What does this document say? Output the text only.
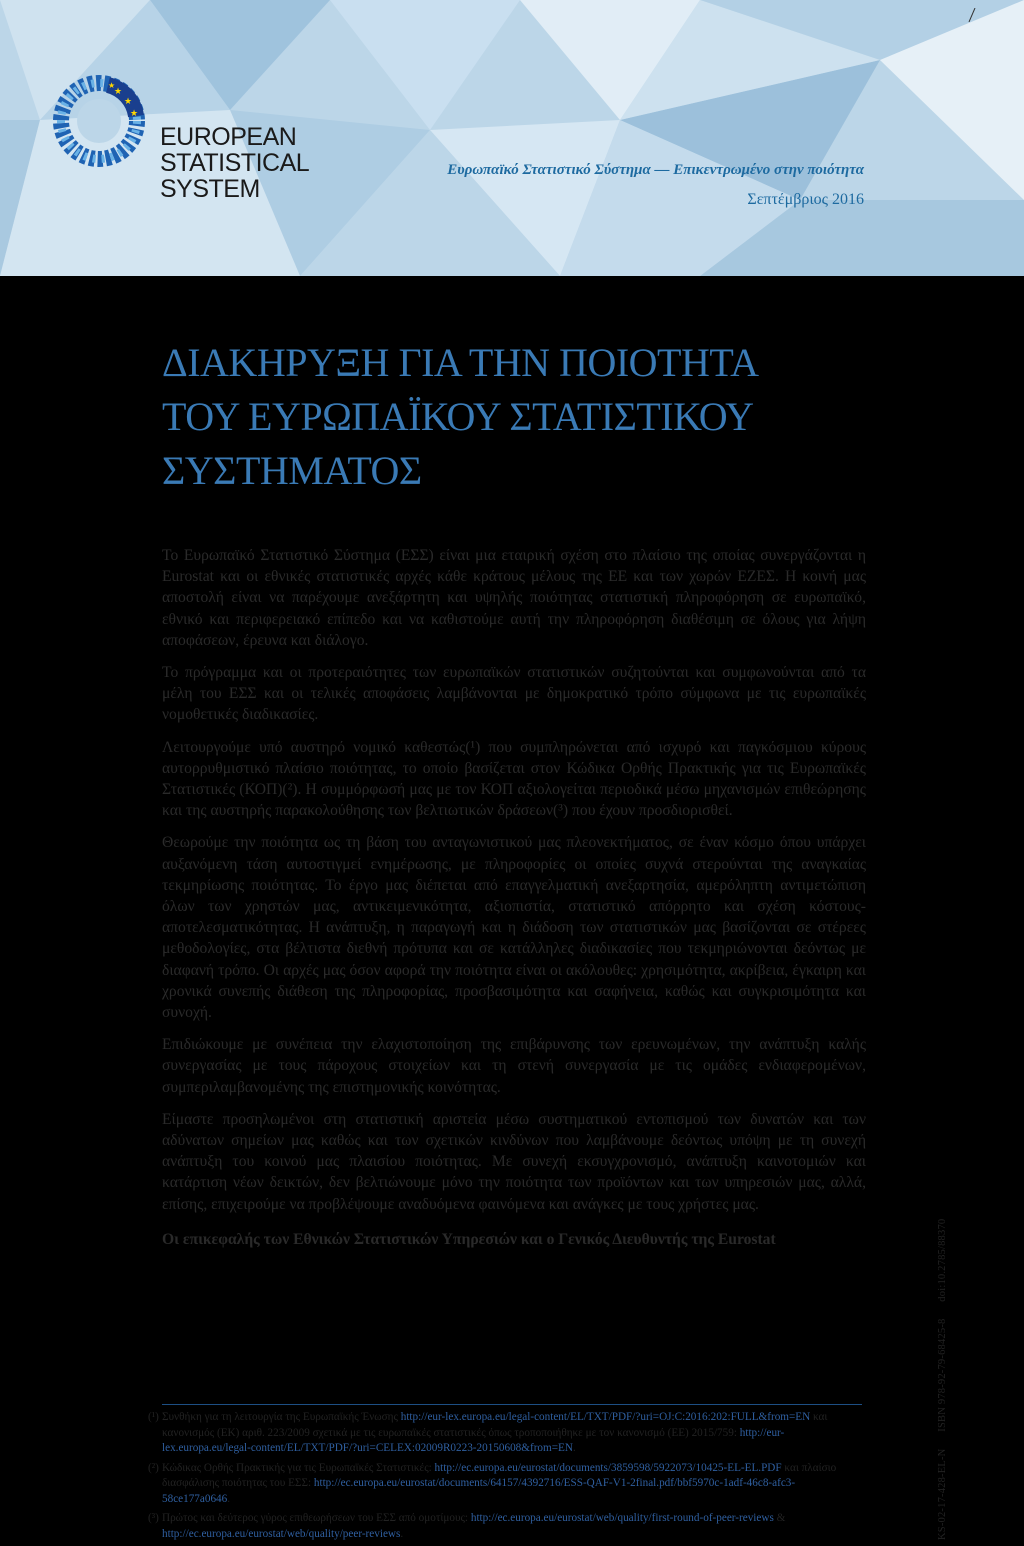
★
★
★
★
EUROPEAN
STATISTICAL
SYSTEM
Ευρωπαϊκό Στατιστικό Σύστημα — Επικεντρωμένο στην ποιότητα
Σεπτέμβριος 2016
ΔΙΑΚΗΡΥΞΗ ΓΙΑ ΤΗΝ ΠΟΙΟΤΗΤΑ
ΤΟΥ ΕΥΡΩΠΑΪΚΟΥ ΣΤΑΤΙΣΤΙΚΟΥ
ΣΥΣΤΗΜΑΤΟΣ

Το Ευρωπαϊκό Στατιστικό Σύστημα (ΕΣΣ) είναι μια εταιρική σχέση στο πλαίσιο της οποίας συνεργάζονται η Eurostat και οι εθνικές στατιστικές αρχές κάθε κράτους μέλους της ΕΕ και των χωρών ΕΖΕΣ. Η κοινή μας αποστολή είναι να παρέχουμε ανεξάρτητη και υψηλής ποιότητας στατιστική πληροφόρηση σε ευρωπαϊκό, εθνικό και περιφερειακό επίπεδο και να καθιστούμε αυτή την πληροφόρηση διαθέσιμη σε όλους για λήψη αποφάσεων, έρευνα και διάλογο.

Το πρόγραμμα και οι προτεραιότητες των ευρωπαϊκών στατιστικών συζητούνται και συμφωνούνται από τα μέλη του ΕΣΣ και οι τελικές αποφάσεις λαμβάνονται με δημοκρατικό τρόπο σύμφωνα με τις ευρωπαϊκές νομοθετικές διαδικασίες.

Λειτουργούμε υπό αυστηρό νομικό καθεστώς(¹) που συμπληρώνεται από ισχυρό και παγκόσμιου κύρους αυτορρυθμιστικό πλαίσιο ποιότητας, το οποίο βασίζεται στον Κώδικα Ορθής Πρακτικής για τις Ευρωπαϊκές Στατιστικές (ΚΟΠ)(²). Η συμμόρφωσή μας με τον ΚΟΠ αξιολογείται περιοδικά μέσω μηχανισμών επιθεώρησης και της αυστηρής παρακολούθησης των βελτιωτικών δράσεων(³) που έχουν προσδιορισθεί.

Θεωρούμε την ποιότητα ως τη βάση του ανταγωνιστικού μας πλεονεκτήματος, σε έναν κόσμο όπου υπάρχει αυξανόμενη τάση αυτοστιγμεί ενημέρωσης, με πληροφορίες οι οποίες συχνά στερούνται της αναγκαίας τεκμηρίωσης ποιότητας. Το έργο μας διέπεται από επαγγελματική ανεξαρτησία, αμερόληπτη αντιμετώπιση όλων των χρηστών μας, αντικειμενικότητα, αξιοπιστία, στατιστικό απόρρητο και σχέση κόστους-αποτελεσματικότητας. Η ανάπτυξη, η παραγωγή και η διάδοση των στατιστικών μας βασίζονται σε στέρεες μεθοδολογίες, στα βέλτιστα διεθνή πρότυπα και σε κατάλληλες διαδικασίες που τεκμηριώνονται δεόντως με διαφανή τρόπο. Οι αρχές μας όσον αφορά την ποιότητα είναι οι ακόλουθες: χρησιμότητα, ακρίβεια, έγκαιρη και χρονικά συνεπής διάθεση της πληροφορίας, προσβασιμότητα και σαφήνεια, καθώς και συγκρισιμότητα και συνοχή.

Επιδιώκουμε με συνέπεια την ελαχιστοποίηση της επιβάρυνσης των ερευνωμένων, την ανάπτυξη καλής συνεργασίας με τους πάροχους στοιχείων και τη στενή συνεργασία με τις ομάδες ενδιαφερομένων, συμπεριλαμβανομένης της επιστημονικής κοινότητας.

Είμαστε προσηλωμένοι στη στατιστική αριστεία μέσω συστηματικού εντοπισμού των δυνατών και των αδύνατων σημείων μας καθώς και των σχετικών κινδύνων που λαμβάνουμε δεόντως υπόψη με τη συνεχή ανάπτυξη του κοινού μας πλαισίου ποιότητας. Με συνεχή εκσυγχρονισμό, ανάπτυξη καινοτομιών και κατάρτιση νέων δεικτών, δεν βελτιώνουμε μόνο την ποιότητα των προϊόντων και των υπηρεσιών μας, αλλά, επίσης, επιχειρούμε να προβλέψουμε αναδυόμενα φαινόμενα και ανάγκες με τους χρήστες μας.

Οι επικεφαλής των Εθνικών Στατιστικών Υπηρεσιών και ο Γενικός Διευθυντής της Eurostat

(¹) Συνθήκη για τη λειτουργία της Ευρωπαϊκής Ένωσης http://eur-lex.europa.eu/legal-content/EL/TXT/PDF/?uri=OJ:C:2016:202:FULL&from=EN και κανονισμός (ΕΚ) αριθ. 223/2009 σχετικά με τις ευρωπαϊκές στατιστικές όπως τροποποιήθηκε με τον κανονισμό (ΕΕ) 2015/759: http://eur-lex.europa.eu/legal-content/EL/TXT/PDF/?uri=CELEX:02009R0223-20150608&from=EN.
(²) Κώδικας Ορθής Πρακτικής για τις Ευρωπαϊκές Στατιστικές: http://ec.europa.eu/eurostat/documents/3859598/5922073/10425-EL-EL.PDF και πλαίσιο διασφάλισης ποιότητας του ΕΣΣ: http://ec.europa.eu/eurostat/documents/64157/4392716/ESS-QAF-V1-2final.pdf/bbf5970c-1adf-46c8-afc3-58ce177a0646.
(³) Πρώτος και δεύτερος γύρος επιθεωρήσεων του ΕΣΣ από ομοτίμους: http://ec.europa.eu/eurostat/web/quality/first-round-of-peer-reviews & http://ec.europa.eu/eurostat/web/quality/peer-reviews.	KS-02-17-428-EL-N ISBN 978-92-79-68425-8 doi:10.2785/88370
